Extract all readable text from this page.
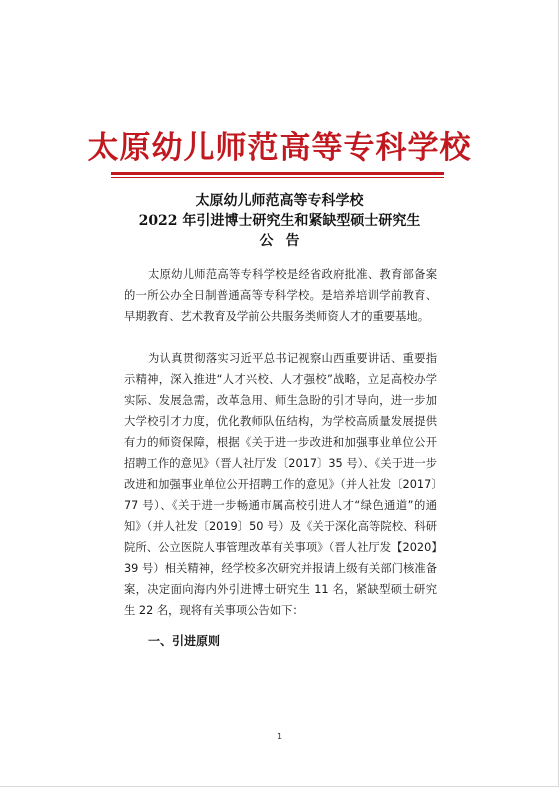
太原幼儿师范高等专科学校
太原幼儿师范高等专科学校
2022 年引进博士研究生和紧缺型硕士研究生
公告
太原幼儿师范高等专科学校是经省政府批准、教育部备案的一所公办全日制普通高等专科学校。是培养培训学前教育、早期教育、艺术教育及学前公共服务类师资人才的重要基地。
为认真贯彻落实习近平总书记视察山西重要讲话、重要指示精神，深入推进“人才兴校、人才强校”战略，立足高校办学实际、发展急需，改革急用、师生急盼的引才导向，进一步加大学校引才力度，优化教师队伍结构，为学校高质量发展提供有力的师资保障，根据《关于进一步改进和加强事业单位公开招聘工作的意见》（晋人社厅发〔2017〕35 号）、《关于进一步改进和加强事业单位公开招聘工作的意见》（并人社发〔2017〕77 号）、《关于进一步畅通市属高校引进人才“绿色通道”的通知》（并人社发〔2019〕50 号）及《关于深化高等院校、科研院所、公立医院人事管理改革有关事项》（晋人社厅发【2020】39 号）相关精神，经学校多次研究并报请上级有关部门核准备案，决定面向海内外引进博士研究生 11 名，紧缺型硕士研究生 22 名，现将有关事项公告如下：
一、引进原则
1
